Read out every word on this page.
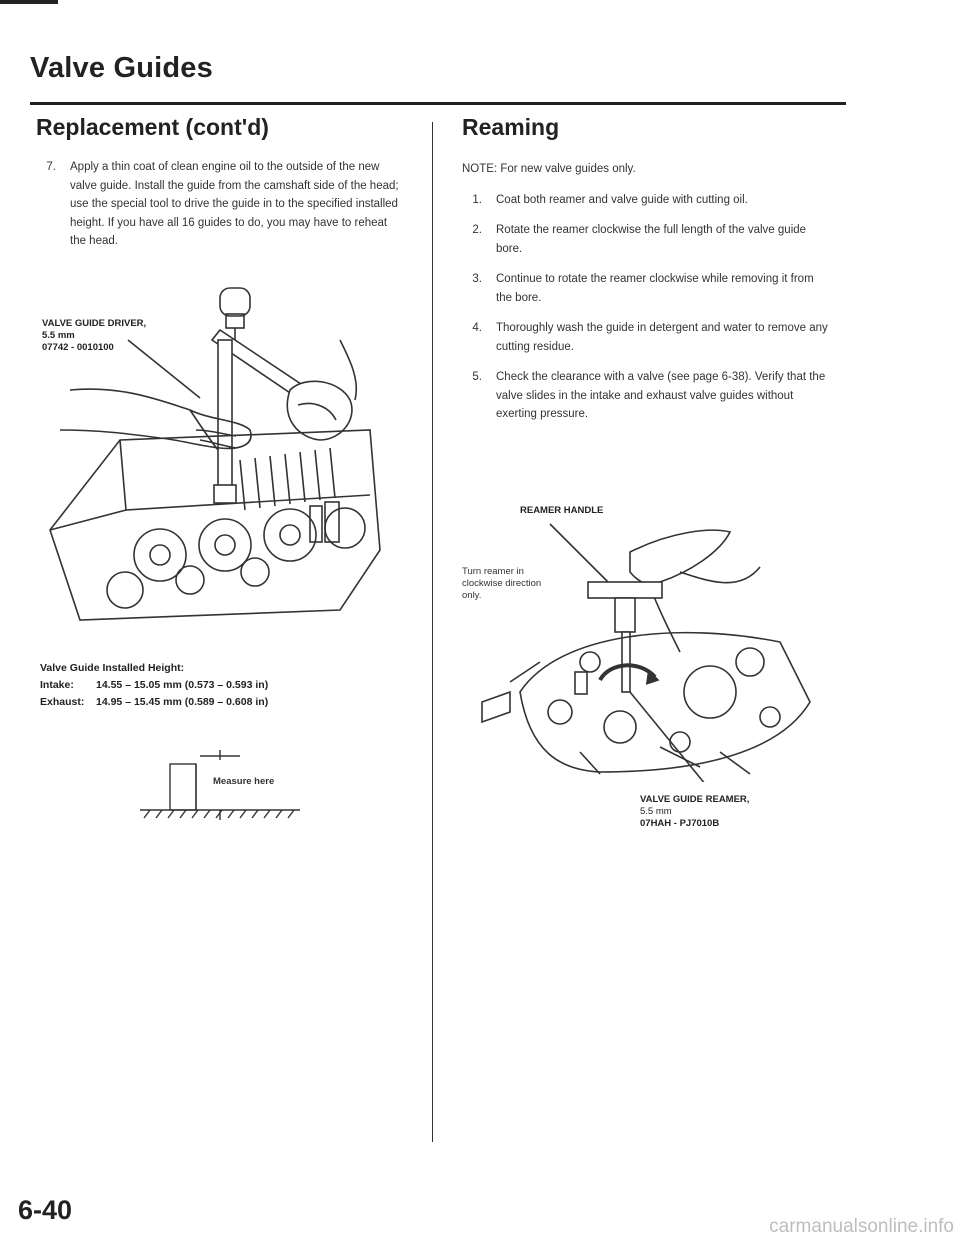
Valve Guides
Replacement (cont'd)
7. Apply a thin coat of clean engine oil to the outside of the new valve guide. Install the guide from the camshaft side of the head; use the special tool to drive the guide in to the specified installed height. If you have all 16 guides to do, you may have to reheat the head.
VALVE GUIDE DRIVER,
5.5 mm
07742 - 0010100
Valve Guide Installed Height:
Intake: 14.55 – 15.05 mm (0.573 – 0.593 in)
Exhaust: 14.95 – 15.45 mm (0.589 – 0.608 in)
Measure here
Reaming
NOTE: For new valve guides only.
1. Coat both reamer and valve guide with cutting oil.
2. Rotate the reamer clockwise the full length of the valve guide bore.
3. Continue to rotate the reamer clockwise while removing it from the bore.
4. Thoroughly wash the guide in detergent and water to remove any cutting residue.
5. Check the clearance with a valve (see page 6-38). Verify that the valve slides in the intake and exhaust valve guides without exerting pressure.
REAMER HANDLE
Turn reamer in
clockwise direction
only.
VALVE GUIDE REAMER,
5.5 mm
07HAH - PJ7010B
6-40
carmanualsonline.info
